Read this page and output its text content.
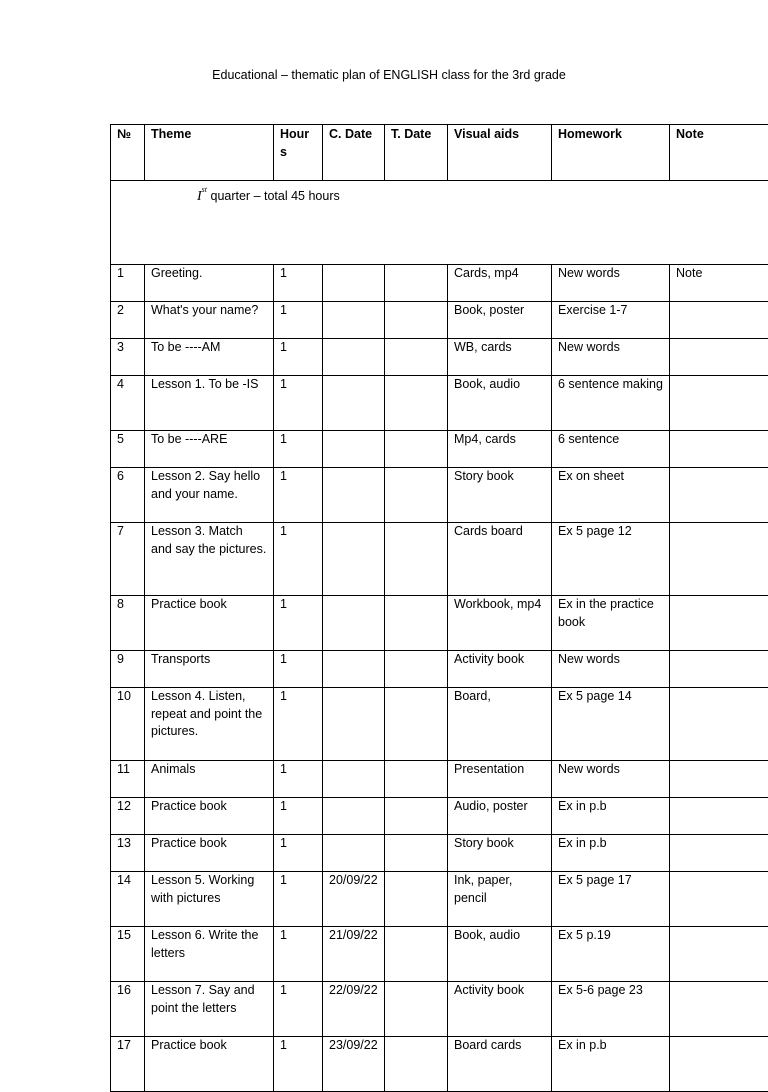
Educational – thematic plan of ENGLISH class for the 3rd grade
№	Theme	Hours	C. Date	T. Date	Visual aids	Homework	Note
Ist quarter – total 45 hours							
1	Greeting.	1			Cards, mp4	New words	Note
2	What's your name?	1			Book, poster	Exercise 1-7	
3	To be ----AM	1			WB, cards	New words	
4	Lesson 1. To be -IS	1			Book, audio	6 sentence making	
5	To be ----ARE	1			Mp4, cards	6 sentence	
6	Lesson 2. Say hello and your name.	1			Story book	Ex on sheet	
7	Lesson 3. Match and say the pictures.	1			Cards board	Ex 5 page 12	
8	Practice book	1			Workbook, mp4	Ex in the practice book	
9	Transports	1			Activity book	New words	
10	Lesson 4. Listen, repeat and point the pictures.	1			Board,	Ex 5 page 14	
11	Animals	1			Presentation	New words	
12	Practice book	1			Audio, poster	Ex in p.b	
13	Practice book	1			Story book	Ex in p.b	
14	Lesson 5. Working with pictures	1	20/09/22		Ink, paper, pencil	Ex 5 page 17	
15	Lesson 6. Write the letters	1	21/09/22		Book, audio	Ex 5 p.19	
16	Lesson 7. Say and point the letters	1	22/09/22		Activity book	Ex 5-6 page 23	
17	Practice book	1	23/09/22		Board cards	Ex in p.b	
